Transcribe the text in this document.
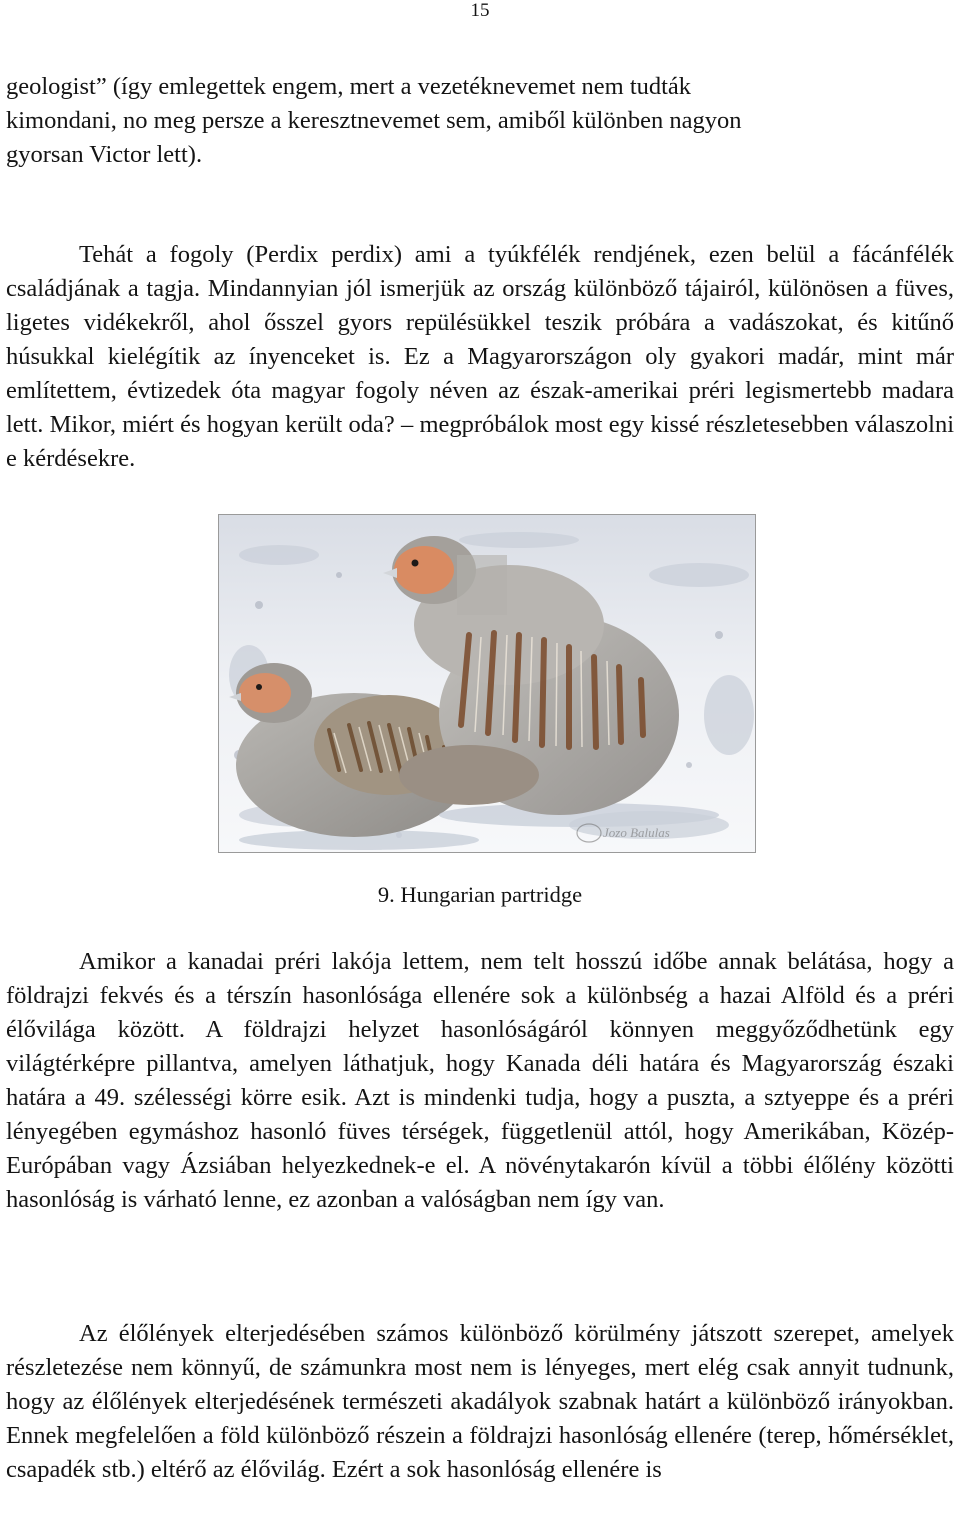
15

geologist” (így emlegettek engem, mert a vezetéknevemet nem tudták
kimondani, no meg persze a keresztnevemet sem, amiből különben nagyon
gyorsan Victor lett).

Tehát a fogoly (Perdix perdix) ami a tyúkfélék rendjének, ezen belül a fácánfélék családjának a tagja. Mindannyian jól ismerjük az ország különböző tájairól, különösen a füves, ligetes vidékekről, ahol ősszel gyors repülésükkel teszik próbára a vadászokat, és kitűnő húsukkal kielégítik az ínyenceket is. Ez a Magyarországon oly gyakori madár, mint már említettem, évtizedek óta magyar fogoly néven az észak-amerikai préri legismertebb madara lett. Mikor, miért és hogyan került oda? – megpróbálok most egy kissé részletesebben válaszolni e kérdésekre.

Jozo Balulas
9. Hungarian partridge

Amikor a kanadai préri lakója lettem, nem telt hosszú időbe annak belátása, hogy a földrajzi fekvés és a térszín hasonlósága ellenére sok a különbség a hazai Alföld és a préri élővilága között. A földrajzi helyzet hasonlóságáról könnyen meggyőződhetünk egy világtérképre pillantva, amelyen láthatjuk, hogy Kanada déli határa és Magyarország északi határa a 49. szélességi körre esik. Azt is mindenki tudja, hogy a puszta, a sztyeppe és a préri lényegében egymáshoz hasonló füves térségek, függetlenül attól, hogy Amerikában, Közép-Európában vagy Ázsiában helyezkednek-e el. A növénytakarón kívül a többi élőlény közötti hasonlóság is várható lenne, ez azonban a valóságban nem így van.

Az élőlények elterjedésében számos különböző körülmény játszott szerepet, amelyek részletezése nem könnyű, de számunkra most nem is lényeges, mert elég csak annyit tudnunk, hogy az élőlények elterjedésének természeti akadályok szabnak határt a különböző irányokban. Ennek megfelelően a föld különböző részein a földrajzi hasonlóság ellenére (terep, hőmérséklet, csapadék stb.) eltérő az élővilág. Ezért a sok hasonlóság ellenére is
